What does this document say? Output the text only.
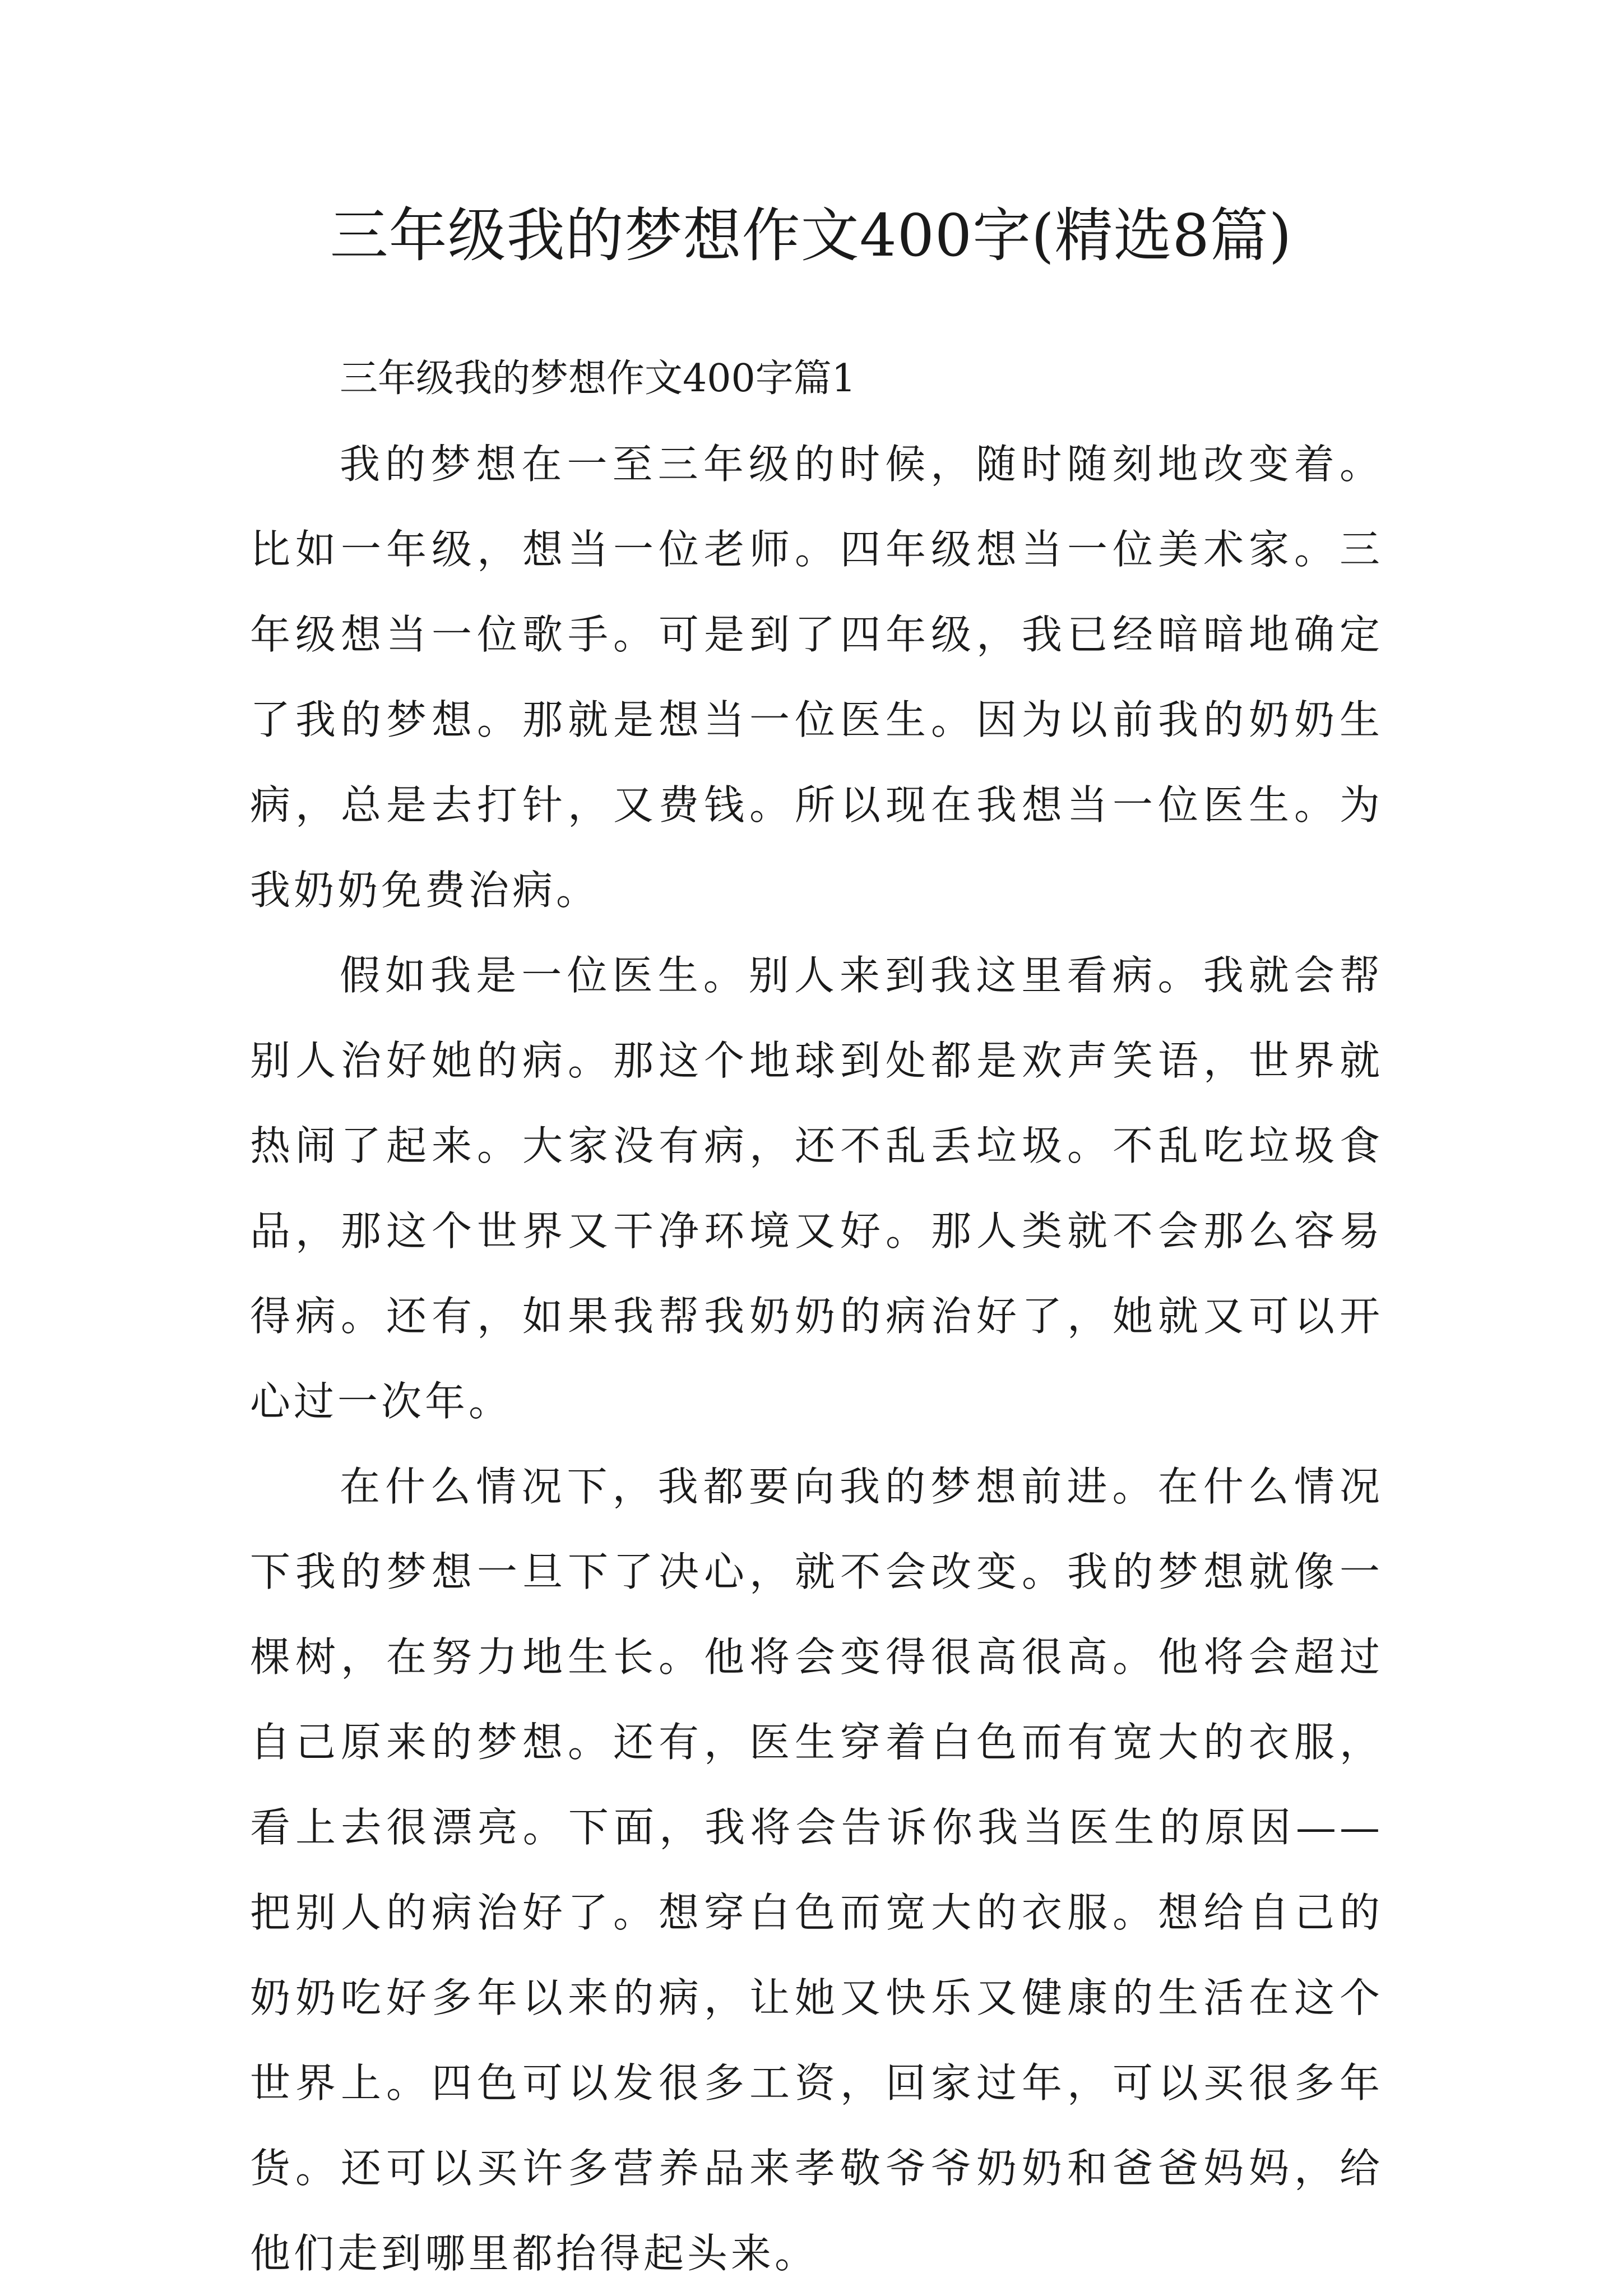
三年级我的梦想作文400字(精选8篇)
三年级我的梦想作文400字篇1

我的梦想在一至三年级的时候，随时随刻地改变着。比如一年级，想当一位老师。四年级想当一位美术家。三年级想当一位歌手。可是到了四年级，我已经暗暗地确定了我的梦想。那就是想当一位医生。因为以前我的奶奶生病，总是去打针，又费钱。所以现在我想当一位医生。为我奶奶免费治病。

假如我是一位医生。别人来到我这里看病。我就会帮别人治好她的病。那这个地球到处都是欢声笑语，世界就热闹了起来。大家没有病，还不乱丢垃圾。不乱吃垃圾食品，那这个世界又干净环境又好。那人类就不会那么容易得病。还有，如果我帮我奶奶的病治好了，她就又可以开心过一次年。

在什么情况下，我都要向我的梦想前进。在什么情况下我的梦想一旦下了决心，就不会改变。我的梦想就像一棵树，在努力地生长。他将会变得很高很高。他将会超过自己原来的梦想。还有，医生穿着白色而有宽大的衣服，看上去很漂亮。下面，我将会告诉你我当医生的原因——把别人的病治好了。想穿白色而宽大的衣服。想给自己的奶奶吃好多年以来的病，让她又快乐又健康的生活在这个世界上。四色可以发很多工资，回家过年，可以买很多年货。还可以买许多营养品来孝敬爷爷奶奶和爸爸妈妈，给他们走到哪里都抬得起头来。
